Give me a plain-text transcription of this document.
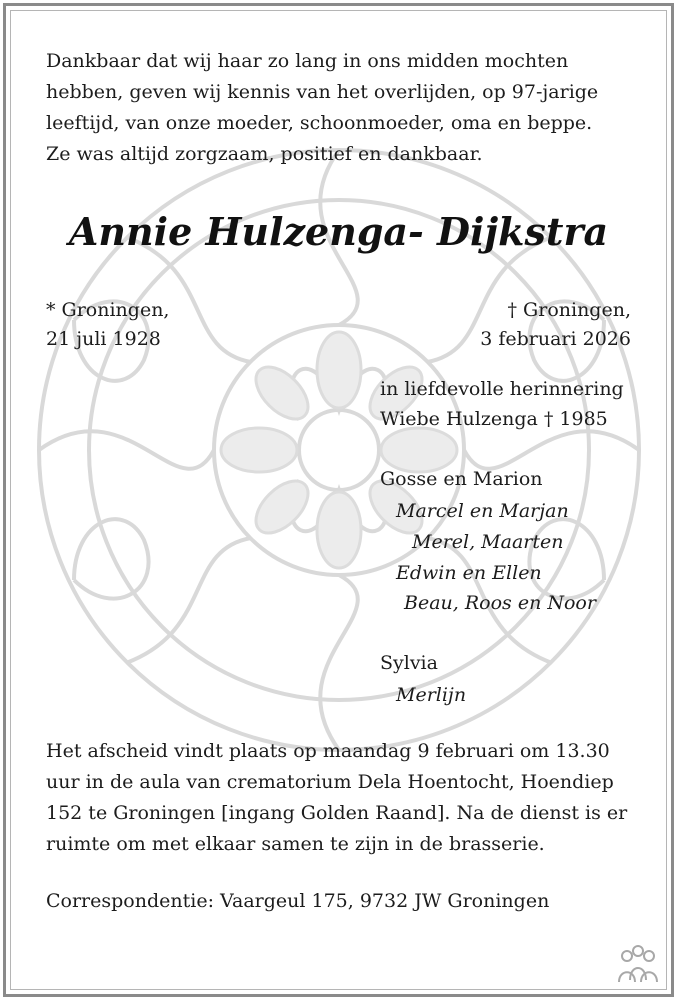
Dankbaar dat wij haar zo lang in ons midden mochten
hebben, geven wij kennis van het overlijden, op 97-jarige
leeftijd, van onze moeder, schoonmoeder, oma en beppe.
Ze was altijd zorgzaam, positief en dankbaar.
Annie Hulzenga- Dijkstra
* Groningen,
21 juli 1928
† Groningen,
3 februari 2026
in liefdevolle herinnering
Wiebe Hulzenga † 1985
Gosse en Marion
Marcel en Marjan
Merel, Maarten
Edwin en Ellen
Beau, Roos en Noor
Sylvia
Merlijn
Het afscheid vindt plaats op maandag 9 februari om 13.30
uur in de aula van crematorium Dela Hoentocht, Hoendiep
152 te Groningen [ingang Golden Raand]. Na de dienst is er
ruimte om met elkaar samen te zijn in de brasserie.
Correspondentie: Vaargeul 175, 9732 JW Groningen
